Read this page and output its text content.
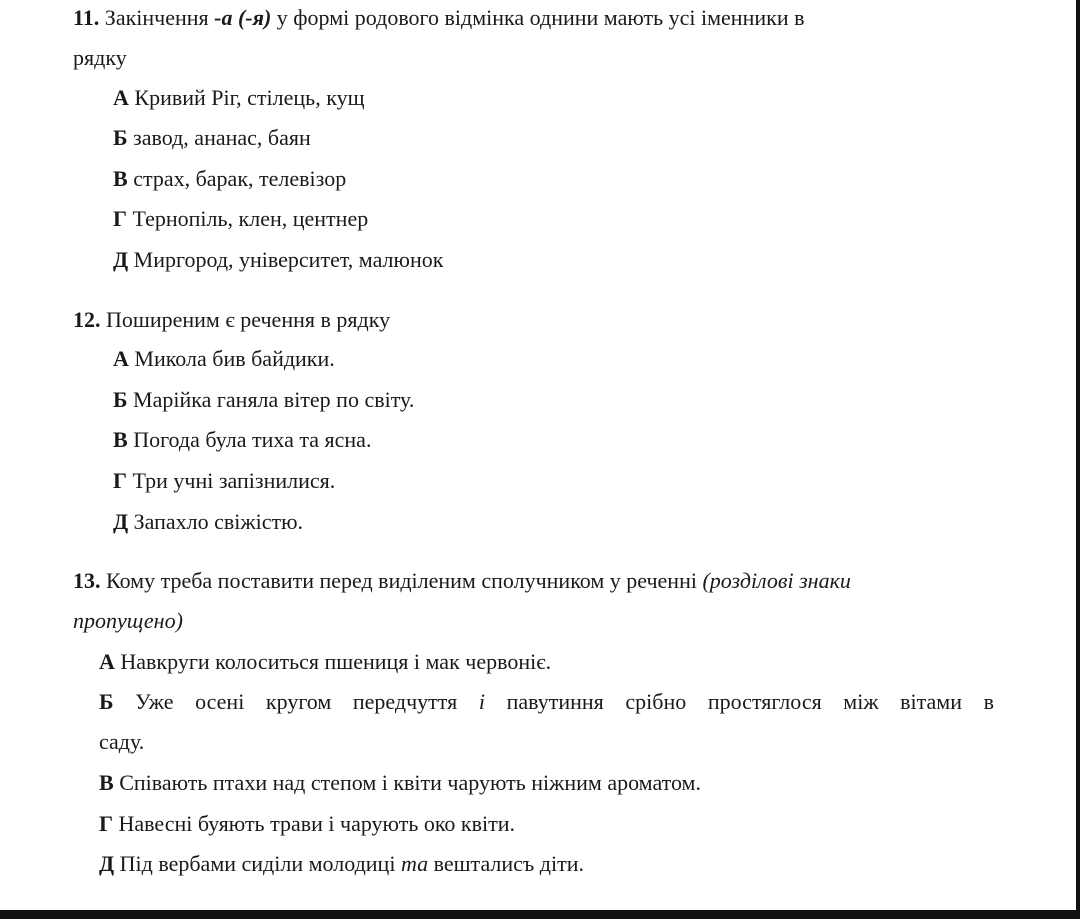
11. Закінчення -а (-я) у формі родового відмінка однини мають усі іменники в

рядку

А Кривий Ріг, стілець, кущ

Б завод, ананас, баян

В страх, барак, телевізор

Г Тернопіль, клен, центнер

Д Миргород, університет, малюнок

12. Поширеним є речення в рядку

А Микола бив байдики.

Б Марійка ганяла вітер по світу.

В Погода була тиха та ясна.

Г Три учні запізнилися.

Д Запахло свіжістю.

13. Кому треба поставити перед виділеним сполучником у реченні (розділові знаки

пропущено)

А Навкруги колоситься пшениця і мак червоніє.

Б Уже осені кругом передчуття і павутиння срібно простяглося між вітами в

саду.

В Співають птахи над степом і квіти чарують ніжним ароматом.

Г Навесні буяють трави і чарують око квіти.

Д Під вербами сиділи молодиці та вешталисъ діти.
